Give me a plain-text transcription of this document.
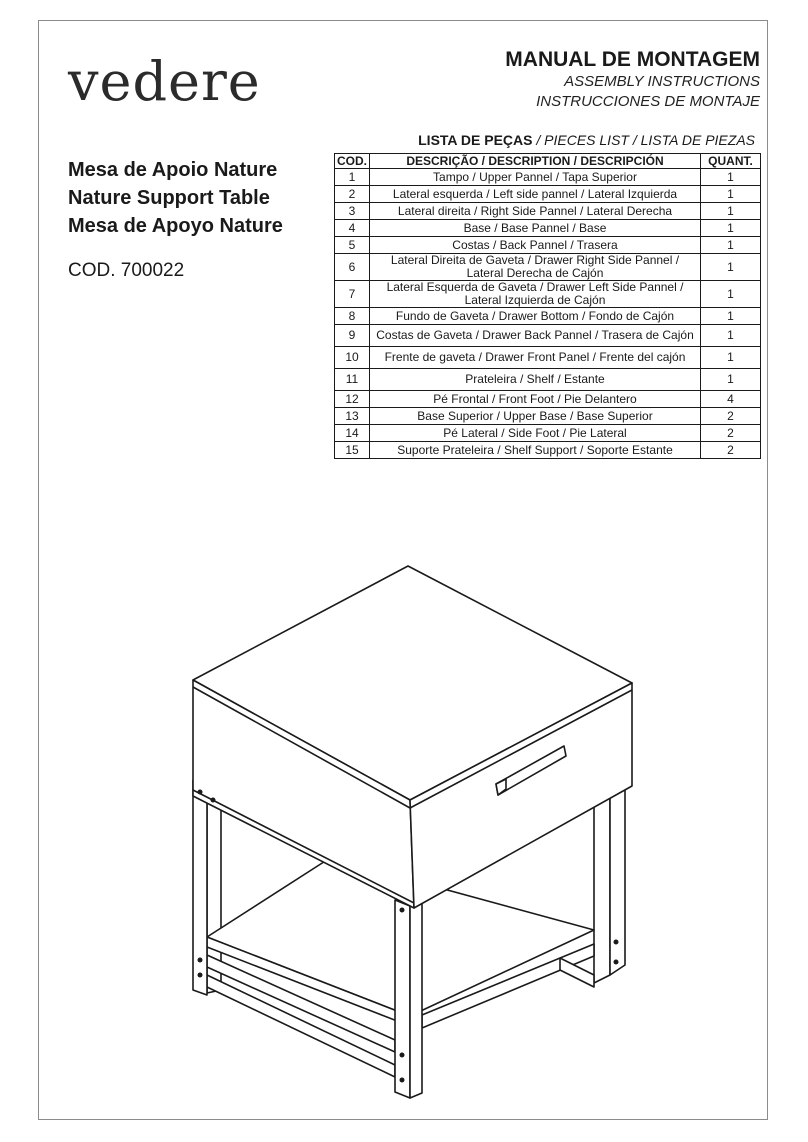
vedere	MANUAL DE MONTAGEM
ASSEMBLY INSTRUCTIONS
INSTRUCCIONES DE MONTAJE
Mesa de Apoio Nature
Nature Support Table
Mesa de Apoyo Nature
COD. 700022
LISTA DE PEÇAS / PIECES LIST / LISTA DE PIEZAS
COD.	DESCRIÇÃO / DESCRIPTION / DESCRIPCIÓN	QUANT.
1	Tampo / Upper Pannel / Tapa Superior	1
2	Lateral esquerda / Left side pannel / Lateral Izquierda	1
3	Lateral direita / Right Side Pannel / Lateral Derecha	1
4	Base / Base Pannel / Base	1
5	Costas / Back Pannel / Trasera	1
6	Lateral Direita de Gaveta / Drawer Right Side Pannel / Lateral Derecha de Cajón	1
7	Lateral Esquerda de Gaveta / Drawer Left Side Pannel / Lateral Izquierda de Cajón	1
8	Fundo de Gaveta / Drawer Bottom / Fondo de Cajón	1
9	Costas de Gaveta / Drawer Back Pannel / Trasera de Cajón	1
10	Frente de gaveta / Drawer Front Panel / Frente del cajón	1
11	Prateleira / Shelf / Estante	1
12	Pé Frontal / Front Foot / Pie Delantero	4
13	Base Superior / Upper Base / Base Superior	2
14	Pé Lateral / Side Foot / Pie Lateral	2
15	Suporte Prateleira / Shelf Support / Soporte Estante	2
